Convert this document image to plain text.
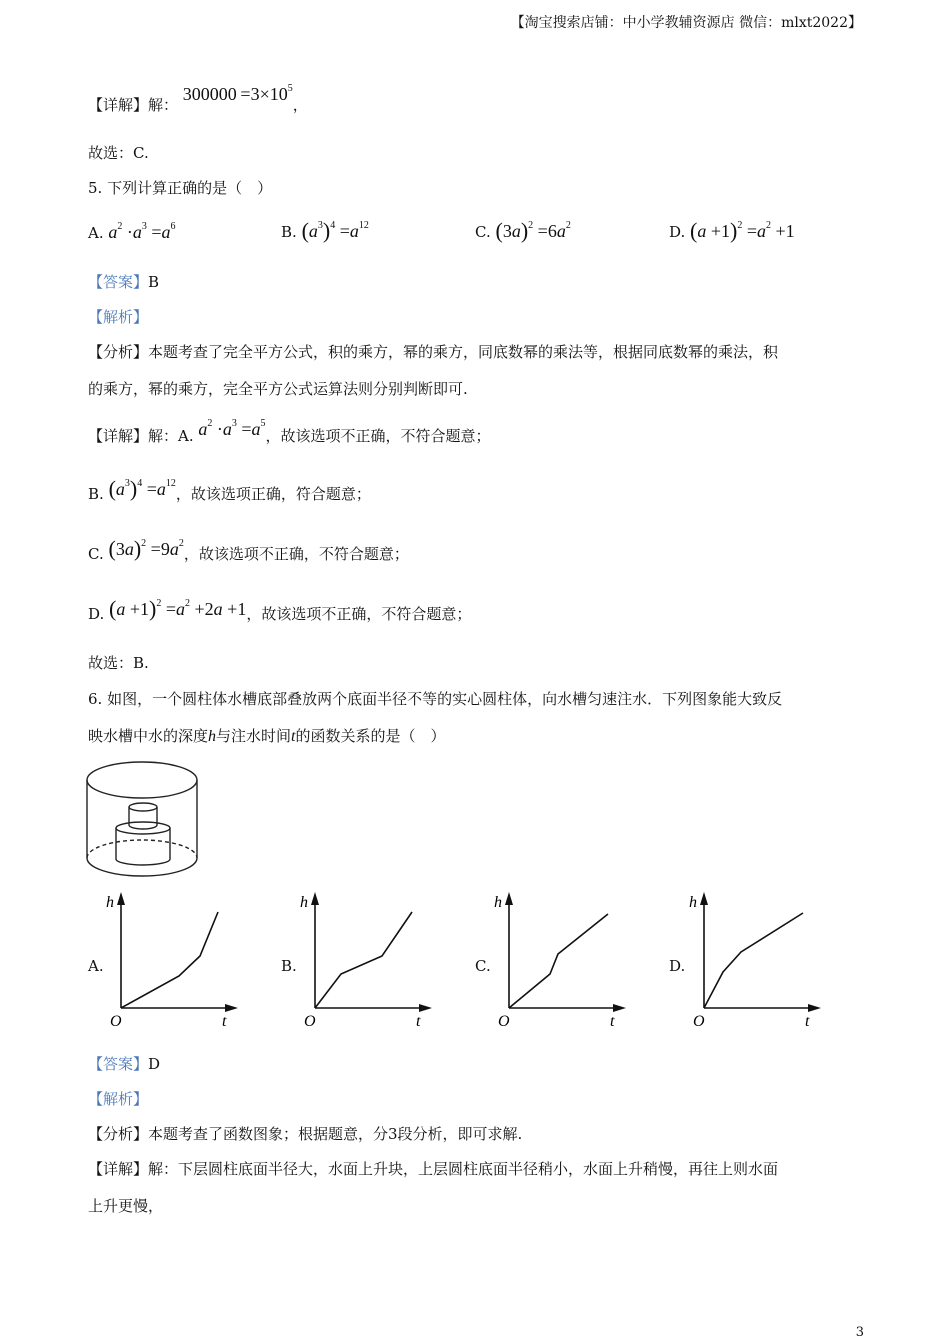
【淘宝搜索店铺：中小学教辅资源店 微信：mlxt2022】
【详解】解： $300000 =3\times 10^5$，
故选：C.
5. 下列计算正确的是（　）
A. $a^2 \cdot a^3 =a^6$	B. $(a^3)^4 =a^{12}$	C. $(3a)^2 =6a^2$	D. $(a +1)^2 =a^2 +1$
【答案】B
【解析】
【分析】本题考查了完全平方公式，积的乘方，幂的乘方，同底数幂的乘法等，根据同底数幂的乘法，积
的乘方，幂的乘方，完全平方公式运算法则分别判断即可.
【详解】解：A. $a^2 \cdot a^3 =a^5$，故该选项不正确，不符合题意；
B. $(a^3)^4 =a^{12}$，故该选项正确，符合题意；
C. $(3a)^2 =9a^2$，故该选项不正确，不符合题意；
D. $(a +1)^2 =a^2 +2a +1$，故该选项不正确，不符合题意；
故选：B.
6. 如图，一个圆柱体水槽底部叠放两个底面半径不等的实心圆柱体，向水槽匀速注水．下列图象能大致反
映水槽中水的深度h与注水时间t的函数关系的是（　）
A.	B.	C.	D.
h
t
O
h
t
O
h
t
O
h
t
O
【答案】D
【解析】
【分析】本题考查了函数图象；根据题意，分3段分析，即可求解.
【详解】解：下层圆柱底面半径大，水面上升块，上层圆柱底面半径稍小，水面上升稍慢，再往上则水面
上升更慢，
3
